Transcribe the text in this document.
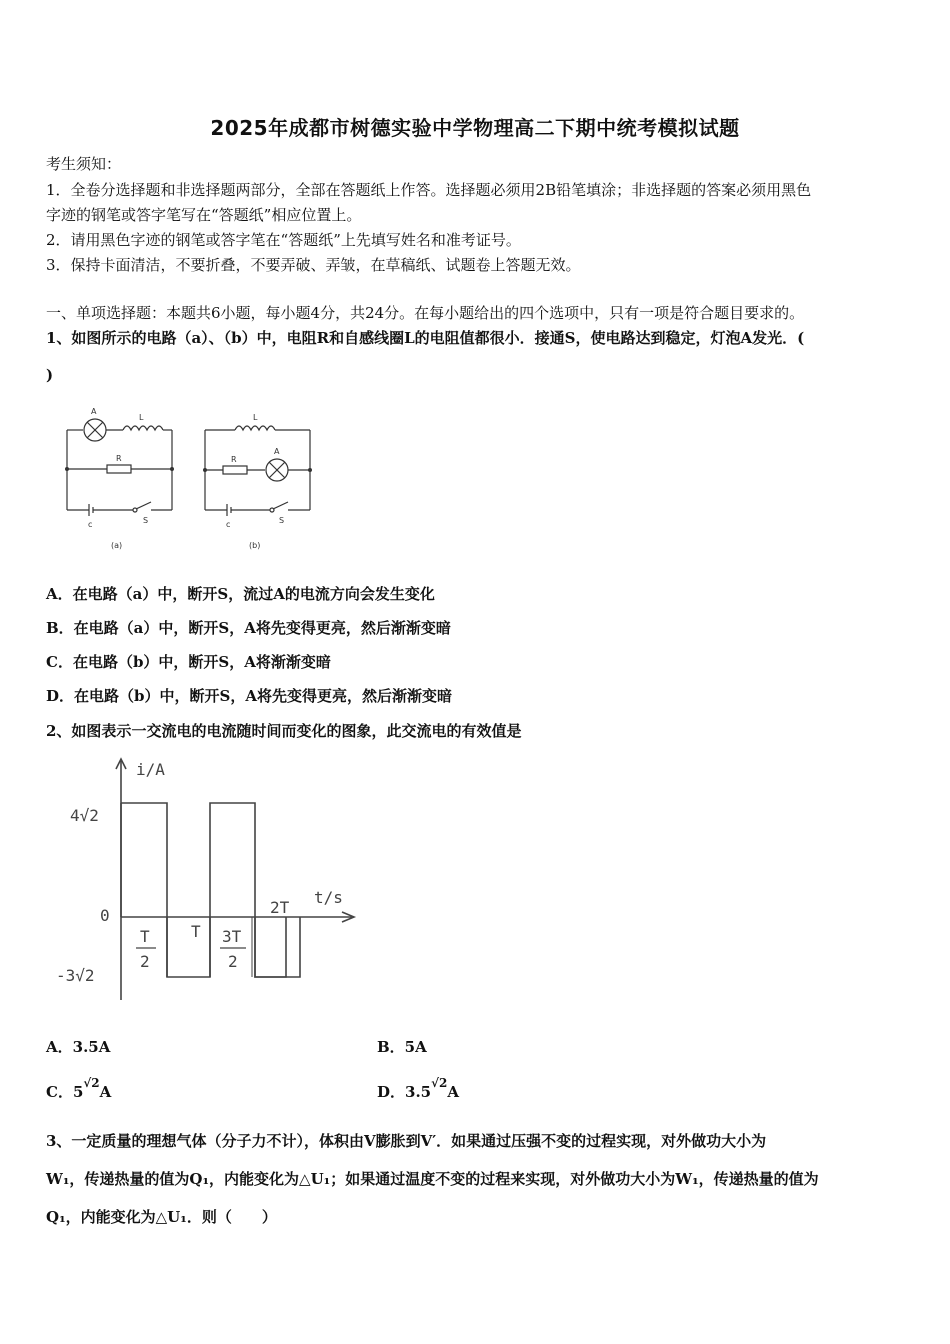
2025年成都市树德实验中学物理高二下期中统考模拟试题
考生须知：
1．全卷分选择题和非选择题两部分，全部在答题纸上作答。选择题必须用2B铅笔填涂；非选择题的答案必须用黑色
字迹的钢笔或答字笔写在“答题纸”相应位置上。
2．请用黑色字迹的钢笔或答字笔在“答题纸”上先填写姓名和准考证号。
3．保持卡面清洁，不要折叠，不要弄破、弄皱，在草稿纸、试题卷上答题无效。
一、单项选择题：本题共6小题，每小题4分，共24分。在每小题给出的四个选项中，只有一项是符合题目要求的。
1、如图所示的电路（a）、（b）中，电阻R和自感线圈L的电阻值都很小．接通S，使电路达到稳定，灯泡A发光．(
)
A
L
R
c	S
(a)
L
A
R
c	S
(b)
A．在电路（a）中，断开S，流过A的电流方向会发生变化
B．在电路（a）中，断开S，A将先变得更亮，然后渐渐变暗
C．在电路（b）中，断开S，A将渐渐变暗
D．在电路（b）中，断开S，A将先变得更亮，然后渐渐变暗
2、如图表示一交流电的电流随时间而变化的图象，此交流电的有效值是
i/A
4√2
0
-3√2
t/s
2T
T
T
2
3T
2
A．3.5A	B．5A
C．$5^{√2}A$	D．$3.5^{√2}A$
3、一定质量的理想气体（分子力不计），体积由V膨胀到V′．如果通过压强不变的过程实现，对外做功大小为
W₁，传递热量的值为Q₁，内能变化为△U₁；如果通过温度不变的过程来实现，对外做功大小为W₁，传递热量的值为
Q₁，内能变化为△U₁．则（　　）
